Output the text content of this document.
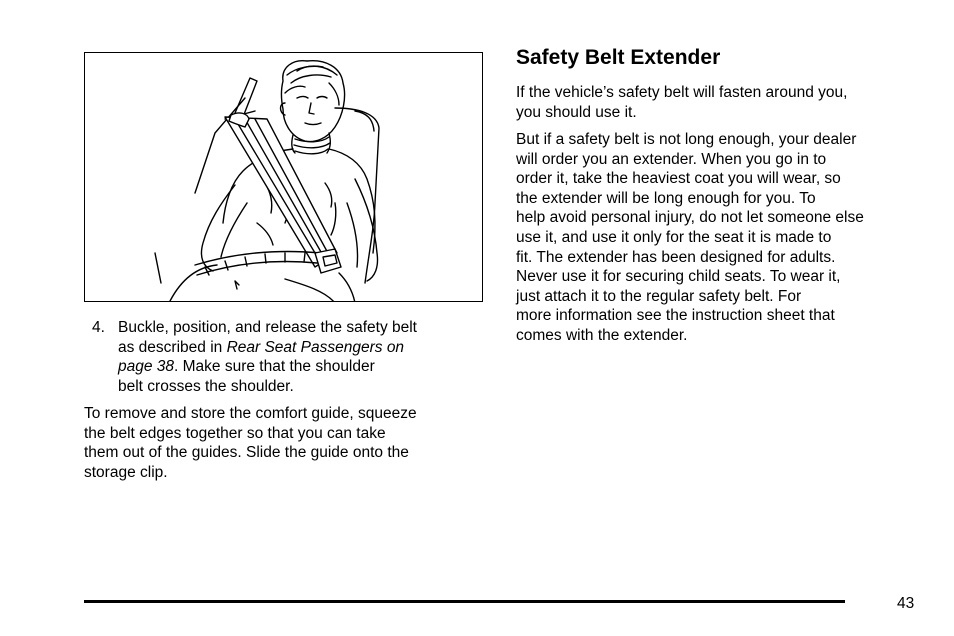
4. Buckle, position, and release the safety belt
as described in Rear Seat Passengers on
page 38. Make sure that the shoulder
belt crosses the shoulder.
To remove and store the comfort guide, squeeze
the belt edges together so that you can take
them out of the guides. Slide the guide onto the
storage clip.
Safety Belt Extender
If the vehicle’s safety belt will fasten around you,
you should use it.
But if a safety belt is not long enough, your dealer
will order you an extender. When you go in to
order it, take the heaviest coat you will wear, so
the extender will be long enough for you. To
help avoid personal injury, do not let someone else
use it, and use it only for the seat it is made to
fit. The extender has been designed for adults.
Never use it for securing child seats. To wear it,
just attach it to the regular safety belt. For
more information see the instruction sheet that
comes with the extender.
43
